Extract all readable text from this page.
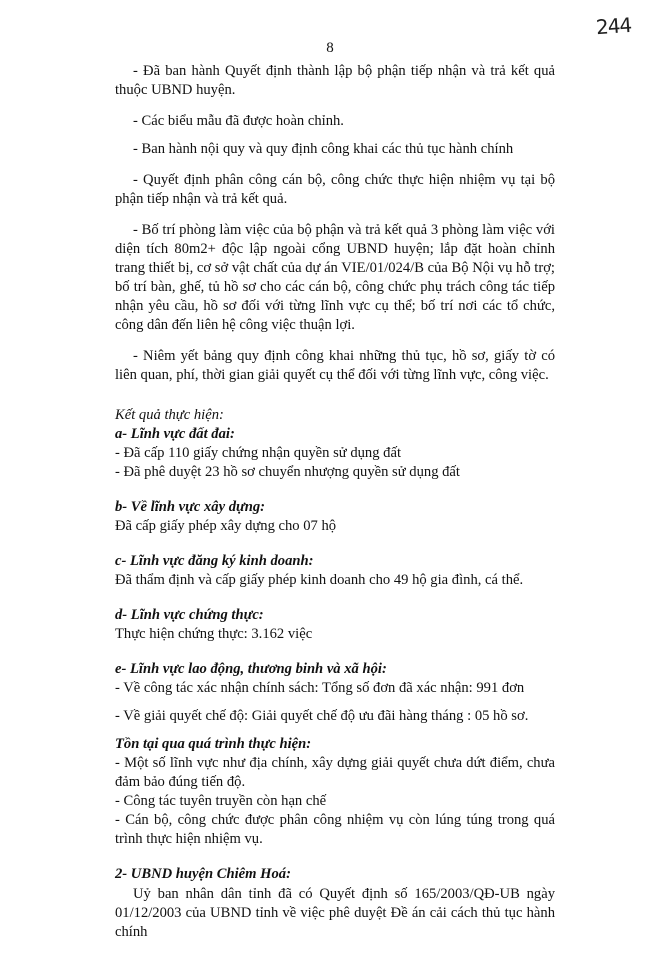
244
8

- Đã ban hành Quyết định thành lập bộ phận tiếp nhận và trả kết quả thuộc UBND huyện.

- Các biểu mẫu đã được hoàn chỉnh.

- Ban hành nội quy và quy định công khai các thủ tục hành chính

- Quyết định phân công cán bộ, công chức thực hiện nhiệm vụ tại bộ phận tiếp nhận và trả kết quả.

- Bố trí phòng làm việc của bộ phận và trả kết quả 3 phòng làm việc với diện tích 80m2+ độc lập ngoài cổng UBND huyện; lắp đặt hoàn chỉnh trang thiết bị, cơ sở vật chất của dự án VIE/01/024/B của Bộ Nội vụ hỗ trợ; bố trí bàn, ghế, tủ hồ sơ cho các cán bộ, công chức phụ trách công tác tiếp nhận yêu cầu, hồ sơ đối với từng lĩnh vực cụ thể; bố trí nơi các tổ chức, công dân đến liên hệ công việc thuận lợi.

- Niêm yết bảng quy định công khai những thủ tục, hồ sơ, giấy tờ có liên quan, phí, thời gian giải quyết cụ thể đối với từng lĩnh vực, công việc.

Kết quả thực hiện:

a- Lĩnh vực đất đai:

- Đã cấp 110 giấy chứng nhận quyền sử dụng đất

- Đã phê duyệt 23 hồ sơ chuyển nhượng quyền sử dụng đất

b- Về lĩnh vực xây dựng:

Đã cấp giấy phép xây dựng cho 07 hộ

c- Lĩnh vực đăng ký kinh doanh:

Đã thẩm định và cấp giấy phép kinh doanh cho 49 hộ gia đình, cá thể.

d- Lĩnh vực chứng thực:

Thực hiện chứng thực: 3.162 việc

e- Lĩnh vực lao động, thương binh và xã hội:

- Về công tác xác nhận chính sách: Tổng số đơn đã xác nhận: 991 đơn

- Về giải quyết chế độ: Giải quyết chế độ ưu đãi hàng tháng : 05 hồ sơ.

Tồn tại qua quá trình thực hiện:

- Một số lĩnh vực như địa chính, xây dựng giải quyết chưa dứt điểm, chưa đảm bảo đúng tiến độ.

- Công tác tuyên truyền còn hạn chế

- Cán bộ, công chức được phân công nhiệm vụ còn lúng túng trong quá trình thực hiện nhiệm vụ.

2- UBND huyện Chiêm Hoá:

Uỷ ban nhân dân tỉnh đã có Quyết định số 165/2003/QĐ-UB ngày 01/12/2003 của UBND tỉnh về việc phê duyệt Đề án cải cách thủ tục hành chính
